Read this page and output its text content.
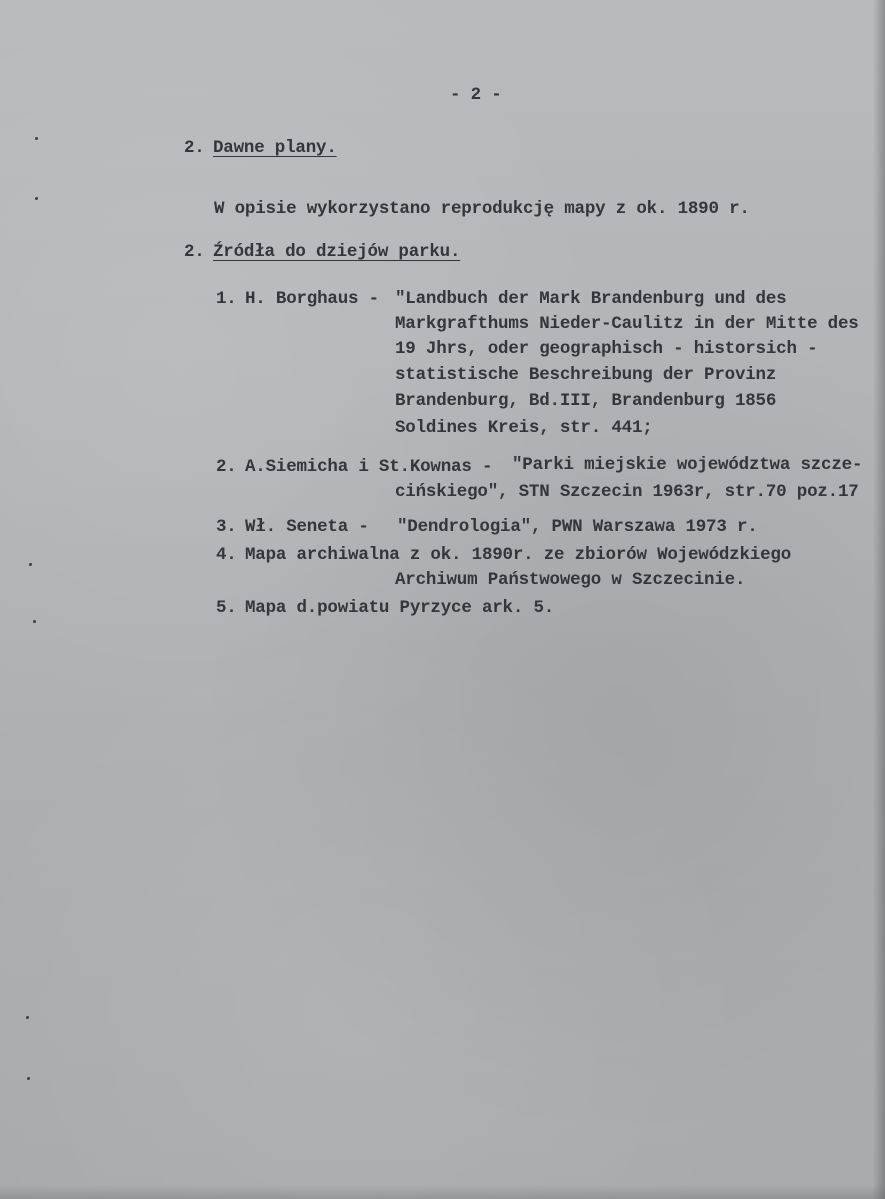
- 2 -
2. Dawne plany.
W opisie wykorzystano reprodukcję mapy z ok. 1890 r.
2. Źródła do dziejów parku.
1. H. Borghaus - "Landbuch der Mark Brandenburg und des
Markgrafthums Nieder-Caulitz in der Mitte des
19 Jhrs, oder geographisch - historsich -
statistische Beschreibung der Provinz
Brandenburg, Bd.III, Brandenburg 1856
Soldines Kreis, str. 441;
2. A.Siemicha i St.Kownas - "Parki miejskie województwa szcze-
cińskiego", STN Szczecin 1963r, str.70 poz.17
3. Wł. Seneta - "Dendrologia", PWN Warszawa 1973 r.
4. Mapa archiwalna z ok. 1890r. ze zbiorów Wojewódzkiego
Archiwum Państwowego w Szczecinie.
5. Mapa d.powiatu Pyrzyce ark. 5.
